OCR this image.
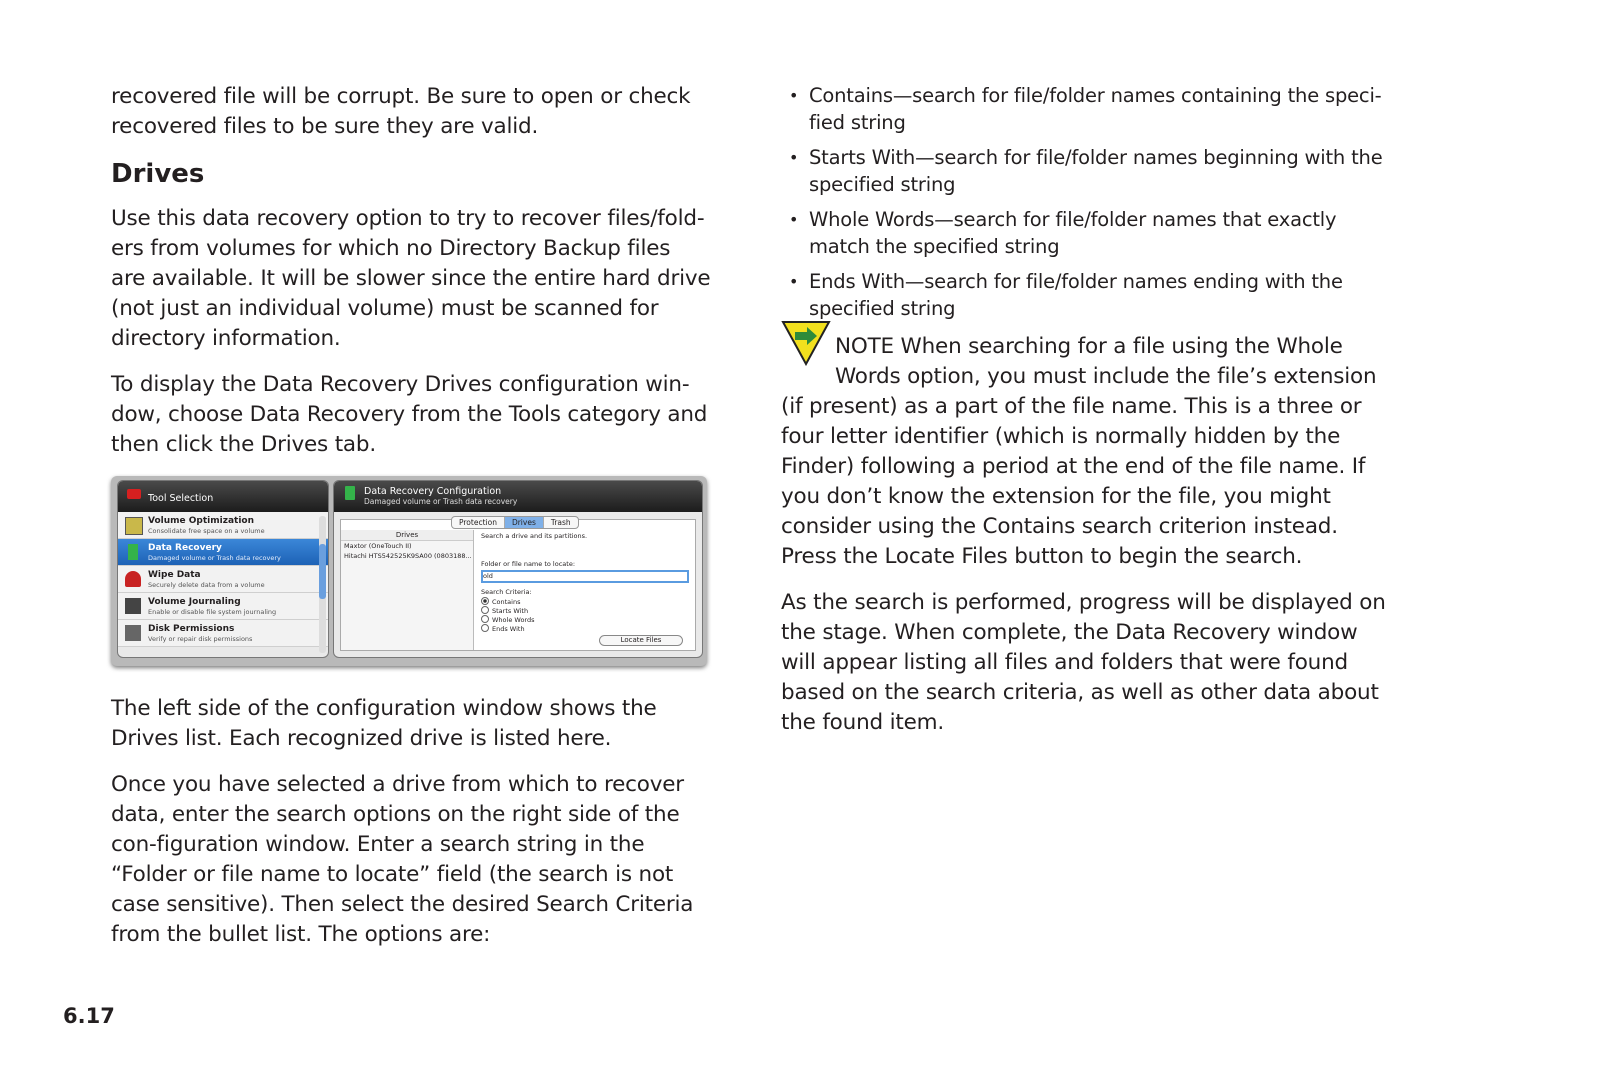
recovered file will be corrupt. Be sure to open or check recovered files to be sure they are valid.

Drives

Use this data recovery option to try to recover files/fold-ers from volumes for which no Directory Backup files are available. It will be slower since the entire hard drive (not just an individual volume) must be scanned for directory information.

To display the Data Recovery Drives configuration win-dow, choose Data Recovery from the Tools category and then click the Drives tab.

Tool Selection
Volume Optimization
Consolidate free space on a volume
Data Recovery
Damaged volume or Trash data recovery
Wipe Data
Securely delete data from a volume
Volume Journaling
Enable or disable file system journaling
Disk Permissions
Verify or repair disk permissions
Data Recovery Configuration
Damaged volume or Trash data recovery
Protection	Drives	Trash
Drives
Maxtor (OneTouch II)
Hitachi HTS542525K9SA00 (0803188...
Search a drive and its partitions.
Folder or file name to locate:
old
Search Criteria:
Contains
Starts With
Whole Words
Ends With
Locate Files

The left side of the configuration window shows the Drives list. Each recognized drive is listed here.

Once you have selected a drive from which to recover data, enter the search options on the right side of the con-figuration window. Enter a search string in the “Folder or file name to locate” field (the search is not case sensitive). Then select the desired Search Criteria from the bullet list. The options are:

• Contains—search for file/folder names containing the speci-fied string
• Starts With—search for file/folder names beginning with the specified string
• Whole Words—search for file/folder names that exactly match the specified string
• Ends With—search for file/folder names ending with the specified string
NOTE When searching for a file using the Whole Words option, you must include the file’s extension (if present) as a part of the file name. This is a three or four letter identifier (which is normally hidden by the Finder) following a period at the end of the file name. If you don’t know the extension for the file, you might consider using the Contains search criterion instead. Press the Locate Files button to begin the search.

As the search is performed, progress will be displayed on the stage. When complete, the Data Recovery window will appear listing all files and folders that were found based on the search criteria, as well as other data about the found item.

6.17
